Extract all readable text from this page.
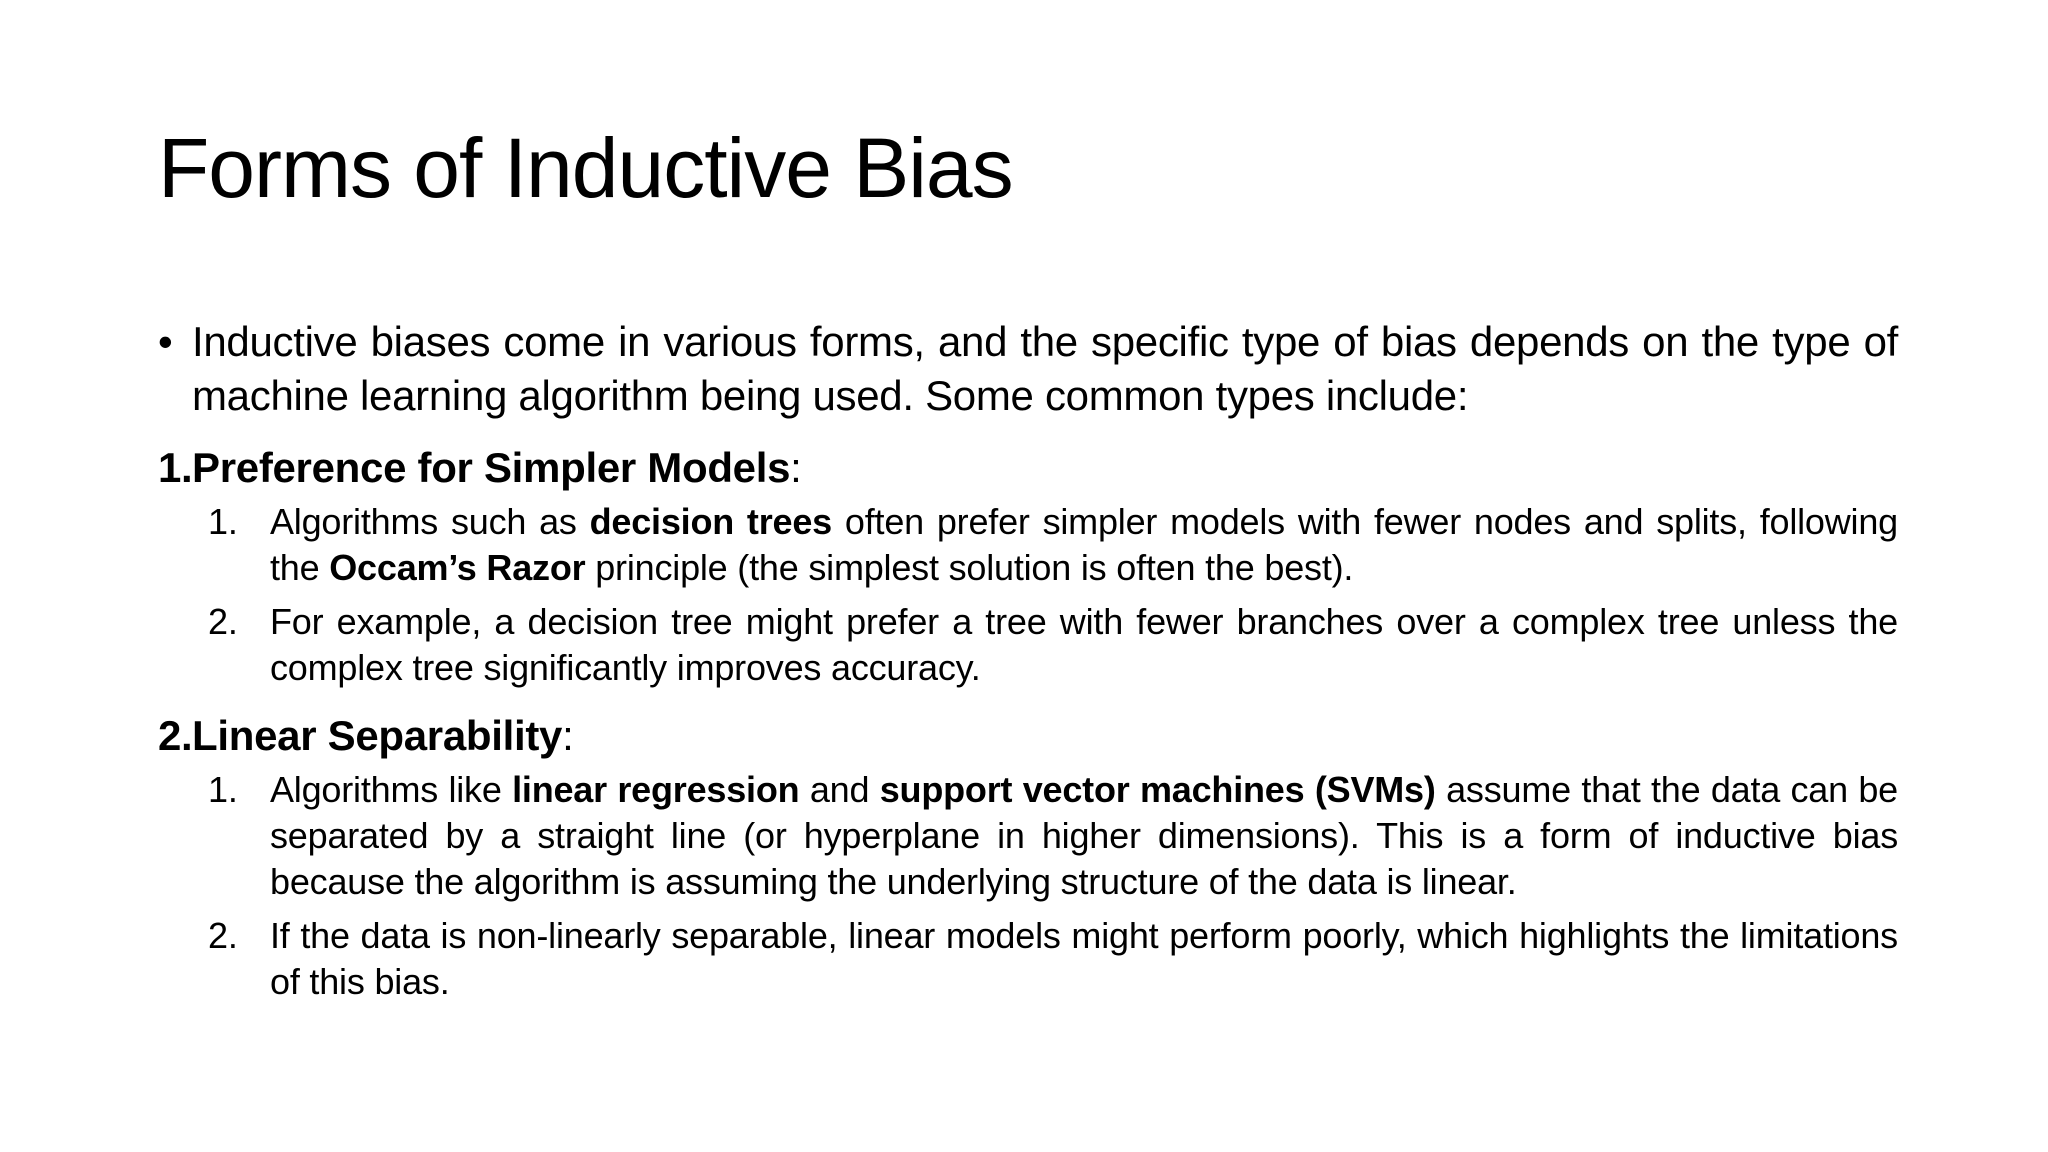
Forms of Inductive Bias
• Inductive biases come in various forms, and the specific type of bias depends on the type of machine learning algorithm being used. Some common types include:
1. Preference for Simpler Models:
1. Algorithms such as decision trees often prefer simpler models with fewer nodes and splits, following the Occam’s Razor principle (the simplest solution is often the best).
2. For example, a decision tree might prefer a tree with fewer branches over a complex tree unless the complex tree significantly improves accuracy.
2. Linear Separability:
1. Algorithms like linear regression and support vector machines (SVMs) assume that the data can be separated by a straight line (or hyperplane in higher dimensions). This is a form of inductive bias because the algorithm is assuming the underlying structure of the data is linear.
2. If the data is non-linearly separable, linear models might perform poorly, which highlights the limitations of this bias.
